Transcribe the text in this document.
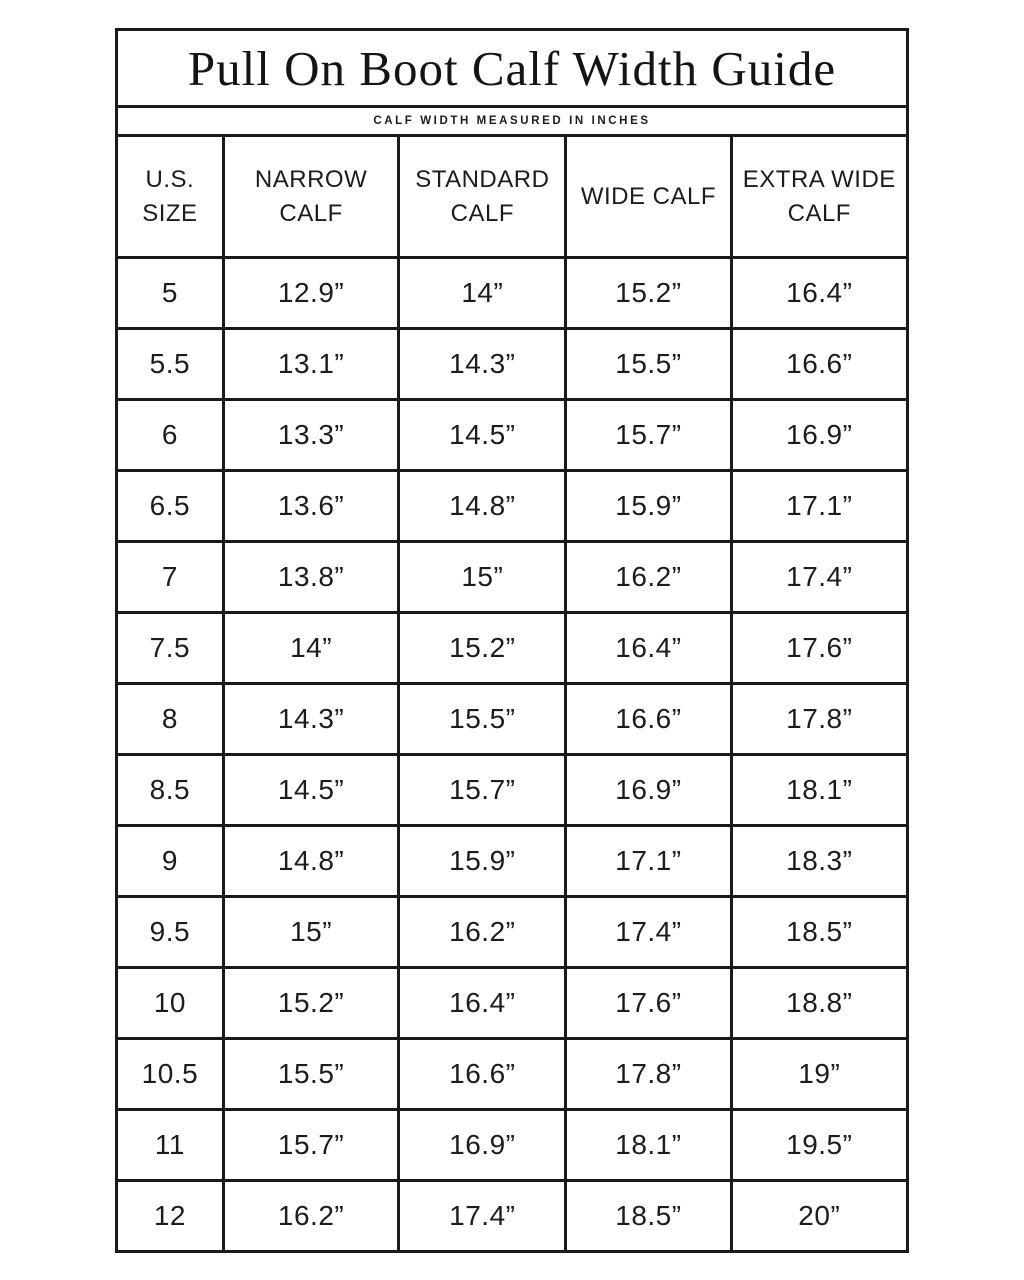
Pull On Boot Calf Width Guide				
CALF WIDTH MEASURED IN INCHES				
U.S. SIZE	NARROW CALF	STANDARD CALF	WIDE CALF	EXTRA WIDE CALF
5	12.9”	14”	15.2”	16.4”
5.5	13.1”	14.3”	15.5”	16.6”
6	13.3”	14.5”	15.7”	16.9”
6.5	13.6”	14.8”	15.9”	17.1”
7	13.8”	15”	16.2”	17.4”
7.5	14”	15.2”	16.4”	17.6”
8	14.3”	15.5”	16.6”	17.8”
8.5	14.5”	15.7”	16.9”	18.1”
9	14.8”	15.9”	17.1”	18.3”
9.5	15”	16.2”	17.4”	18.5”
10	15.2”	16.4”	17.6”	18.8”
10.5	15.5”	16.6”	17.8”	19”
11	15.7”	16.9”	18.1”	19.5”
12	16.2”	17.4”	18.5”	20”
